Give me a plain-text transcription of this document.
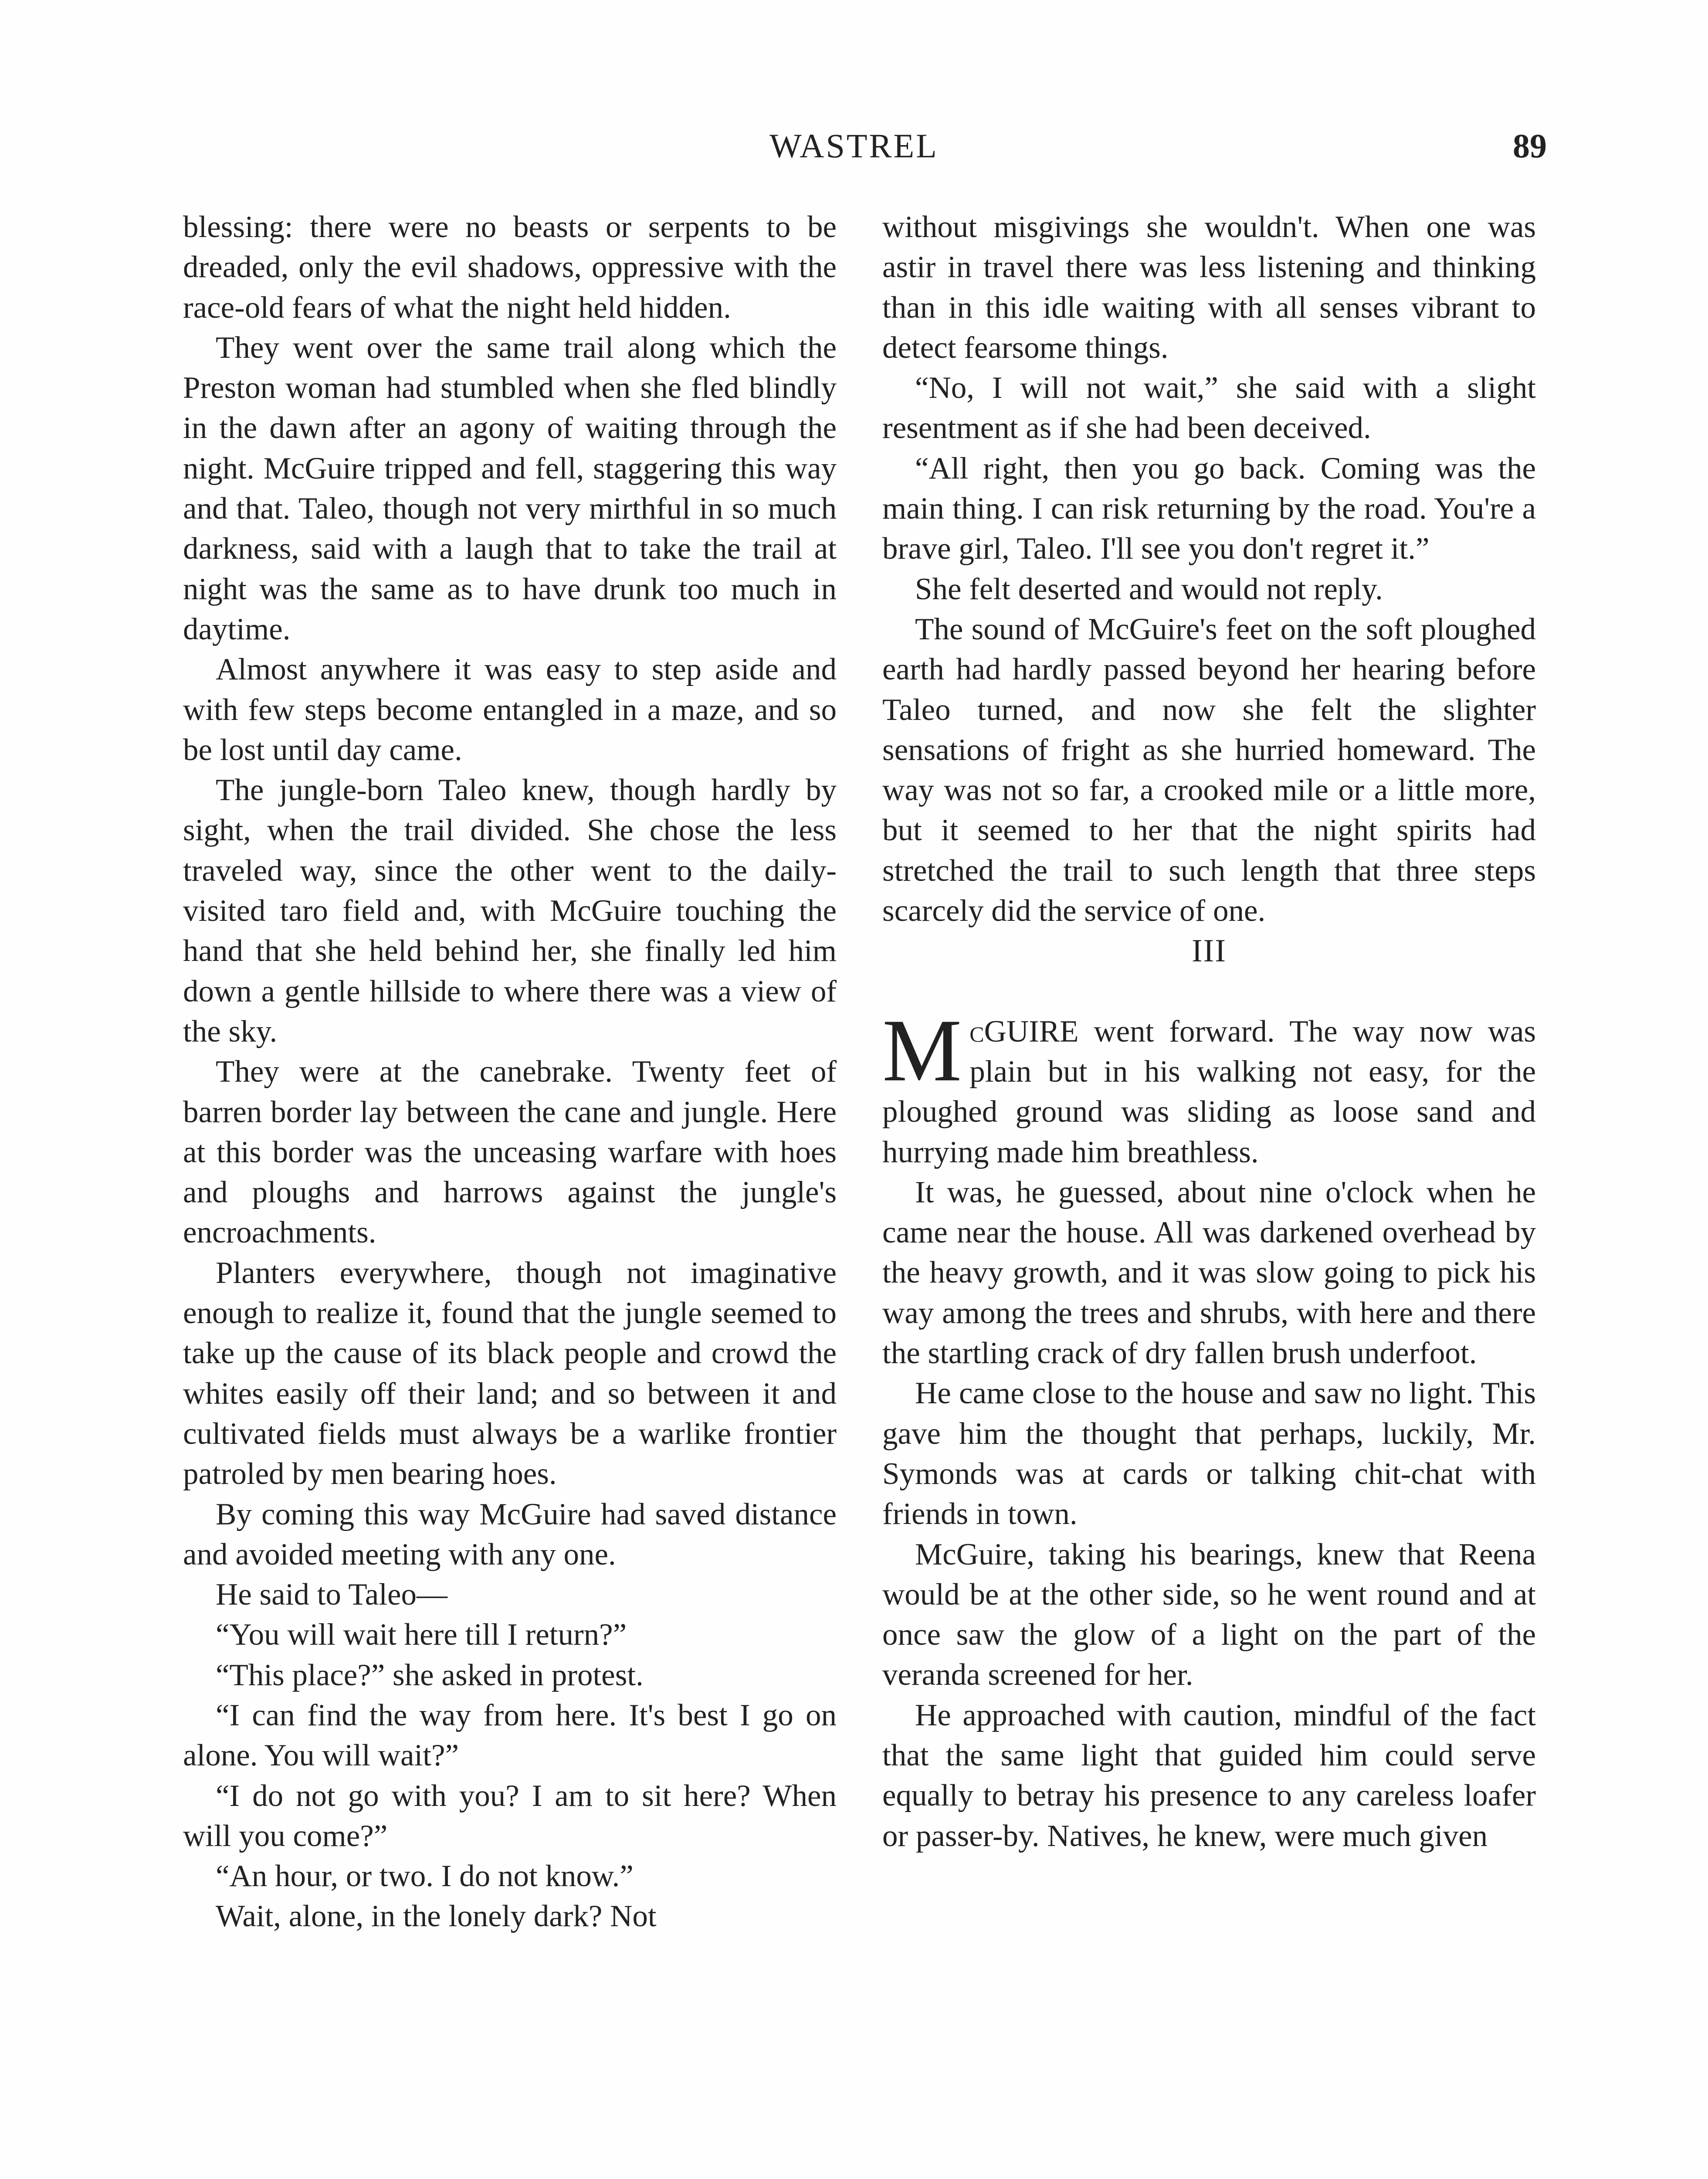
WASTREL	89

blessing: there were no beasts or serpents to be dreaded, only the evil shadows, oppressive with the race-old fears of what the night held hidden.

They went over the same trail along which the Preston woman had stumbled when she fled blindly in the dawn after an agony of waiting through the night. McGuire tripped and fell, staggering this way and that. Taleo, though not very mirthful in so much darkness, said with a laugh that to take the trail at night was the same as to have drunk too much in daytime.

Almost anywhere it was easy to step aside and with few steps become entangled in a maze, and so be lost until day came.

The jungle-born Taleo knew, though hardly by sight, when the trail divided. She chose the less traveled way, since the other went to the daily-visited taro field and, with McGuire touching the hand that she held behind her, she finally led him down a gentle hillside to where there was a view of the sky.

They were at the canebrake. Twenty feet of barren border lay between the cane and jungle. Here at this border was the unceasing warfare with hoes and ploughs and harrows against the jungle's encroachments.

Planters everywhere, though not imaginative enough to realize it, found that the jungle seemed to take up the cause of its black people and crowd the whites easily off their land; and so between it and cultivated fields must always be a warlike frontier patroled by men bearing hoes.

By coming this way McGuire had saved distance and avoided meeting with any one.

He said to Taleo—

“You will wait here till I return?”

“This place?” she asked in protest.

“I can find the way from here. It's best I go on alone. You will wait?”

“I do not go with you? I am to sit here? When will you come?”

“An hour, or two. I do not know.”

Wait, alone, in the lonely dark? Not

without misgivings she wouldn't. When one was astir in travel there was less listening and thinking than in this idle waiting with all senses vibrant to detect fearsome things.

“No, I will not wait,” she said with a slight resentment as if she had been deceived.

“All right, then you go back. Coming was the main thing. I can risk returning by the road. You're a brave girl, Taleo. I'll see you don't regret it.”

She felt deserted and would not reply.

The sound of McGuire's feet on the soft ploughed earth had hardly passed beyond her hearing before Taleo turned, and now she felt the slighter sensations of fright as she hurried homeward. The way was not so far, a crooked mile or a little more, but it seemed to her that the night spirits had stretched the trail to such length that three steps scarcely did the service of one.

III

McGUIRE went forward. The way now was plain but in his walking not easy, for the ploughed ground was sliding as loose sand and hurrying made him breathless.

It was, he guessed, about nine o'clock when he came near the house. All was darkened overhead by the heavy growth, and it was slow going to pick his way among the trees and shrubs, with here and there the startling crack of dry fallen brush underfoot.

He came close to the house and saw no light. This gave him the thought that perhaps, luckily, Mr. Symonds was at cards or talking chit-chat with friends in town.

McGuire, taking his bearings, knew that Reena would be at the other side, so he went round and at once saw the glow of a light on the part of the veranda screened for her.

He approached with caution, mindful of the fact that the same light that guided him could serve equally to betray his presence to any careless loafer or passer-by. Natives, he knew, were much given
